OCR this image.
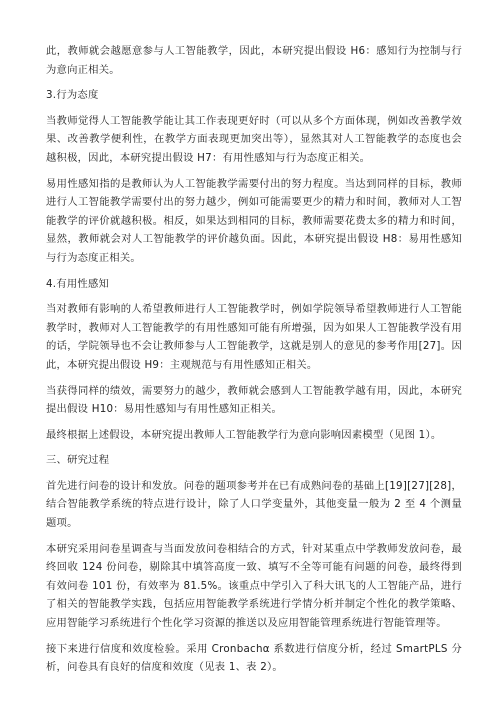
此，教师就会越愿意参与人工智能教学，因此，本研究提出假设 H6：感知行为控制与行为意向正相关。

3.行为态度

当教师觉得人工智能教学能让其工作表现更好时（可以从多个方面体现，例如改善教学效果、改善教学便利性，在教学方面表现更加突出等），显然其对人工智能教学的态度也会越积极，因此，本研究提出假设 H7：有用性感知与行为态度正相关。

易用性感知指的是教师认为人工智能教学需要付出的努力程度。当达到同样的目标，教师进行人工智能教学需要付出的努力越少，例如可能需要更少的精力和时间，教师对人工智能教学的评价就越积极。相反，如果达到相同的目标，教师需要花费太多的精力和时间，显然，教师就会对人工智能教学的评价越负面。因此，本研究提出假设 H8：易用性感知与行为态度正相关。

4.有用性感知

当对教师有影响的人希望教师进行人工智能教学时，例如学院领导希望教师进行人工智能教学时，教师对人工智能教学的有用性感知可能有所增强，因为如果人工智能教学没有用的话，学院领导也不会让教师参与人工智能教学，这就是别人的意见的参考作用[27]。因此，本研究提出假设 H9：主观规范与有用性感知正相关。

当获得同样的绩效，需要努力的越少，教师就会感到人工智能教学越有用，因此，本研究提出假设 H10：易用性感知与有用性感知正相关。

最终根据上述假设，本研究提出教师人工智能教学行为意向影响因素模型（见图 1）。

三、研究过程

首先进行问卷的设计和发放。问卷的题项参考并在已有成熟问卷的基础上[19][27][28]，结合智能教学系统的特点进行设计，除了人口学变量外，其他变量一般为 2 至 4 个测量题项。

本研究采用问卷星调查与当面发放问卷相结合的方式，针对某重点中学教师发放问卷，最终回收 124 份问卷，剔除其中填答高度一致、填写不全等可能有问题的问卷，最终得到有效问卷 101 份，有效率为 81.5%。该重点中学引入了科大讯飞的人工智能产品，进行了相关的智能教学实践，包括应用智能教学系统进行学情分析并制定个性化的教学策略、应用智能学习系统进行个性化学习资源的推送以及应用智能管理系统进行智能管理等。

接下来进行信度和效度检验。采用 Cronbachα 系数进行信度分析，经过 SmartPLS 分析，问卷具有良好的信度和效度（见表 1、表 2）。
